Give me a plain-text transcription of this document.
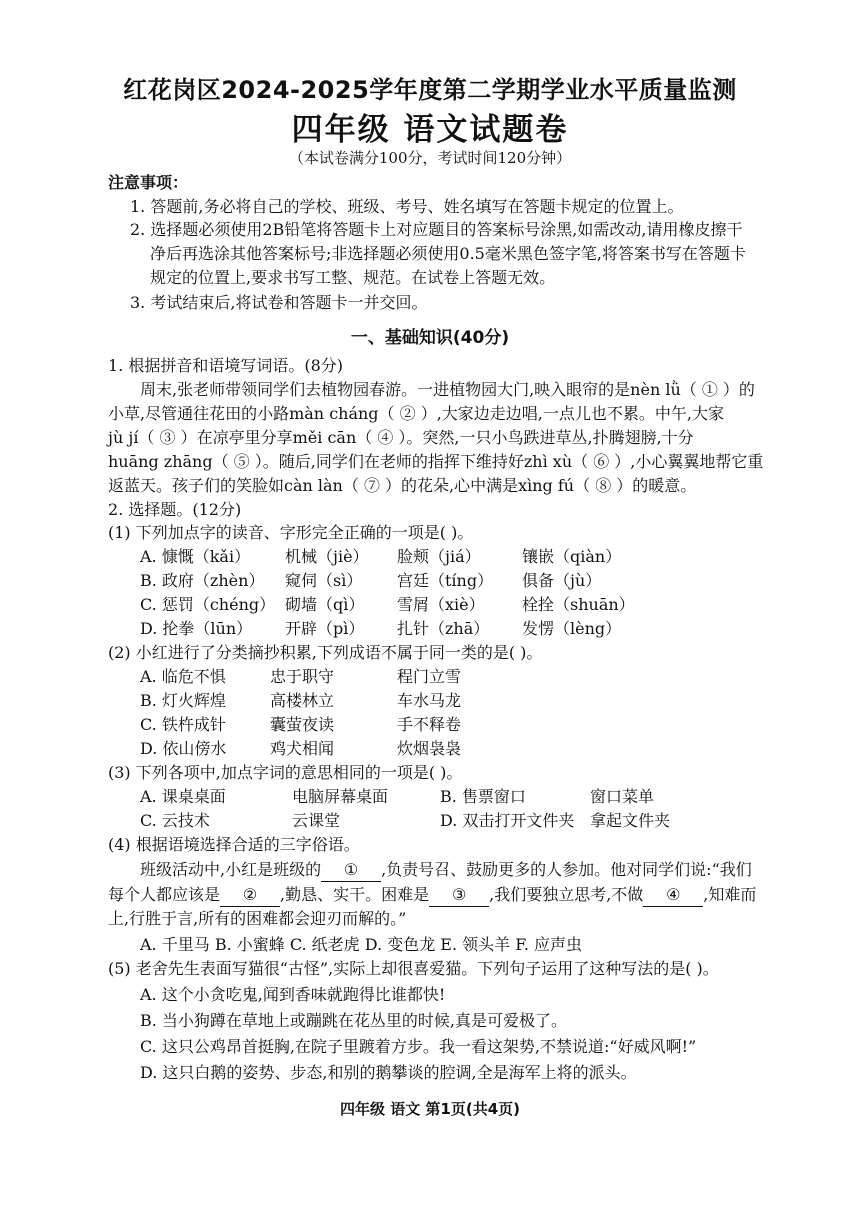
红花岗区2024-2025学年度第二学期学业水平质量监测
四年级 语文试题卷
（本试卷满分100分，考试时间120分钟）
注意事项：
1. 答题前,务必将自己的学校、班级、考号、姓名填写在答题卡规定的位置上。
2. 选择题必须使用2B铅笔将答题卡上对应题目的答案标号涂黑,如需改动,请用橡皮擦干
净后再选涂其他答案标号;非选择题必须使用0.5毫米黑色签字笔,将答案书写在答题卡
规定的位置上,要求书写工整、规范。在试卷上答题无效。
3. 考试结束后,将试卷和答题卡一并交回。
一、基础知识(40分)
1. 根据拼音和语境写词语。(8分)
周末,张老师带领同学们去植物园春游。一进植物园大门,映入眼帘的是nèn lǜ（ ① ）的
小草,尽管通往花田的小路màn cháng（ ② ）,大家边走边唱,一点儿也不累。中午,大家
jù jí（ ③ ）在凉亭里分享měi cān（ ④ ）。突然,一只小鸟跌进草丛,扑腾翅膀,十分
huāng zhāng（ ⑤ ）。随后,同学们在老师的指挥下维持好zhì xù（ ⑥ ）,小心翼翼地帮它重
返蓝天。孩子们的笑脸如càn làn（ ⑦ ）的花朵,心中满是xìng fú（ ⑧ ）的暖意。
2. 选择题。(12分)
(1) 下列加点字的读音、字形完全正确的一项是( )。
A. 慷慨（kǎi） 机械（jiè） 脸颊（jiá）	镶嵌（qiàn）
B. 政府（zhèn） 窥伺（sì） 宫廷（tíng） 俱备（jù）
C. 惩罚（chéng） 砌墙（qì） 雪屑（xiè） 栓拴（shuān）
D. 抡拳（lūn） 开辟（pì） 扎针（zhā） 发愣（lèng）
(2) 小红进行了分类摘抄积累,下列成语不属于同一类的是( )。
A. 临危不惧	忠于职守	程门立雪
B. 灯火辉煌	高楼林立	车水马龙
C. 铁杵成针	囊萤夜读	手不释卷
D. 依山傍水	鸡犬相闻	炊烟袅袅
(3) 下列各项中,加点字词的意思相同的一项是( )。
A. 课桌桌面	电脑屏幕桌面	B. 售票窗口	窗口菜单
C. 云技术	云课堂	D. 双击打开文件夹 拿起文件夹
(4) 根据语境选择合适的三字俗语。
班级活动中,小红是班级的 ① ,负责号召、鼓励更多的人参加。他对同学们说:“我们
每个人都应该是 ② ,勤恳、实干。困难是 ③ ,我们要独立思考,不做 ④ ,知难而
上,行胜于言,所有的困难都会迎刃而解的。”
A. 千里马 B. 小蜜蜂 C. 纸老虎 D. 变色龙 E. 领头羊 F. 应声虫
(5) 老舍先生表面写猫很“古怪”,实际上却很喜爱猫。下列句子运用了这种写法的是( )。
A. 这个小贪吃鬼,闻到香味就跑得比谁都快!
B. 当小狗蹲在草地上或蹦跳在花丛里的时候,真是可爱极了。
C. 这只公鸡昂首挺胸,在院子里踱着方步。我一看这架势,不禁说道:“好威风啊!”
D. 这只白鹅的姿势、步态,和别的鹅攀谈的腔调,全是海军上将的派头。
四年级 语文 第1页(共4页)
